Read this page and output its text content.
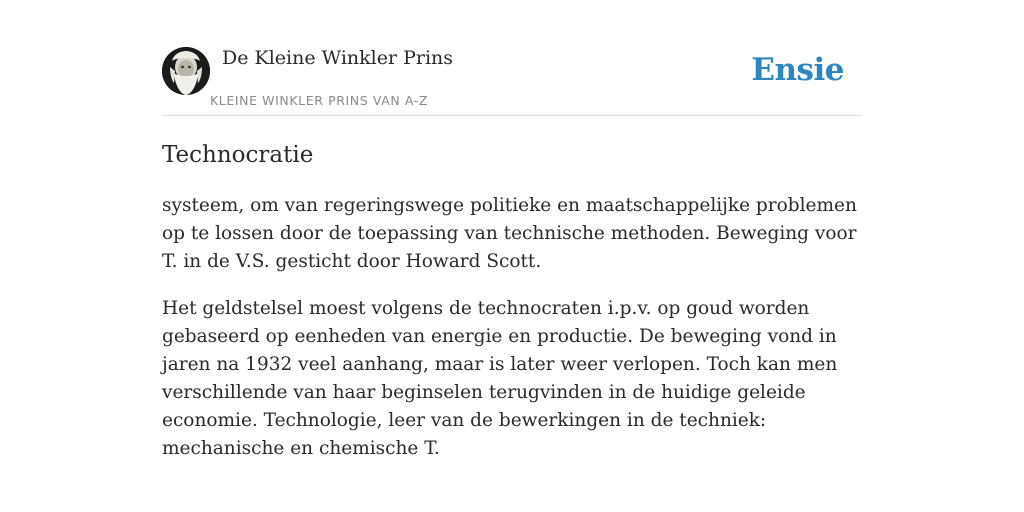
De Kleine Winkler Prins
KLEINE WINKLER PRINS VAN A-Z
Ensie
Technocratie

systeem, om van regeringswege politieke en maatschappelijke problemen op te lossen door de toepassing van technische methoden. Beweging voor T. in de V.S. gesticht door Howard Scott.

Het geldstelsel moest volgens de technocraten i.p.v. op goud worden gebaseerd op eenheden van energie en productie. De beweging vond in jaren na 1932 veel aanhang, maar is later weer verlopen. Toch kan men verschillende van haar beginselen terugvinden in de huidige geleide economie. Technologie, leer van de bewerkingen in de techniek: mechanische en chemische T.
